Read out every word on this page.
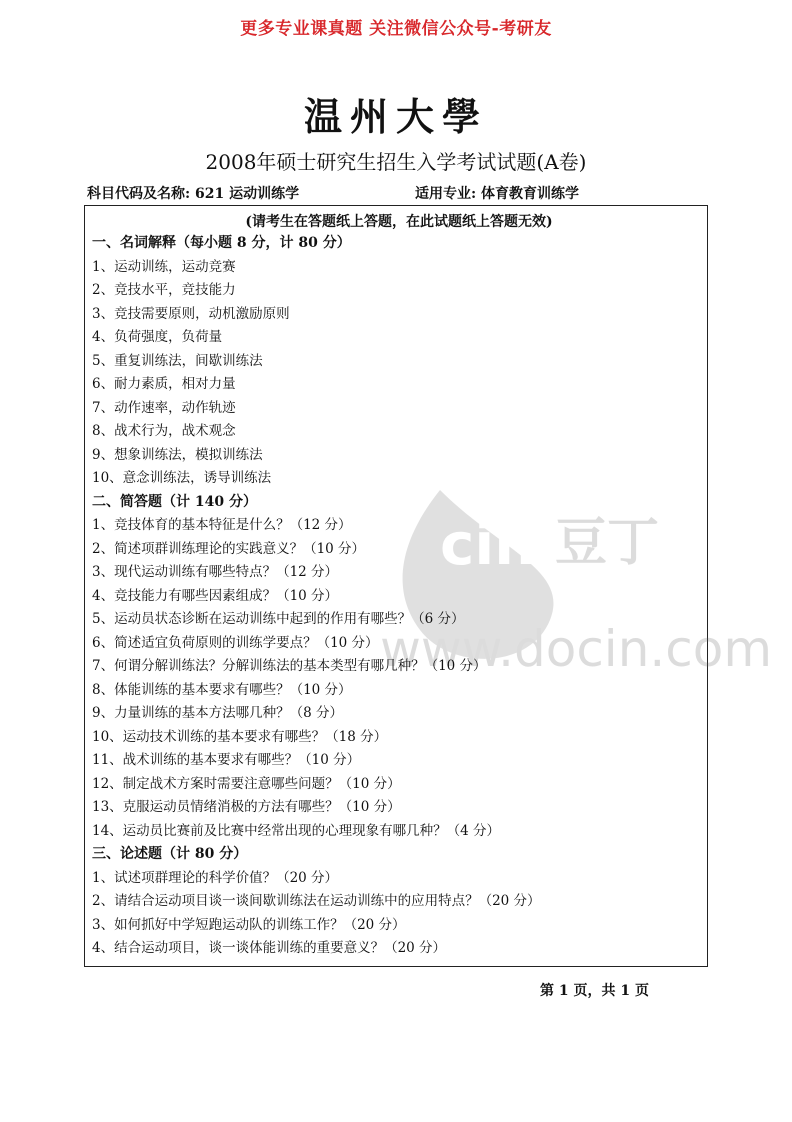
更多专业课真题 关注微信公众号-考研友
温州大學
2008年硕士研究生招生入学考试试题(A卷)
科目代码及名称: 621 运动训练学	适用专业: 体育教育训练学
cin 豆丁
www.docin.com
(请考生在答题纸上答题，在此试题纸上答题无效)
一、名词解释（每小题 8 分，计 80 分）
1、运动训练，运动竞赛
2、竞技水平，竞技能力
3、竞技需要原则，动机激励原则
4、负荷强度，负荷量
5、重复训练法，间歇训练法
6、耐力素质，相对力量
7、动作速率，动作轨迹
8、战术行为，战术观念
9、想象训练法，模拟训练法
10、意念训练法，诱导训练法
二、简答题（计 140 分）
1、竞技体育的基本特征是什么？（12 分）
2、简述项群训练理论的实践意义？（10 分）
3、现代运动训练有哪些特点？（12 分）
4、竞技能力有哪些因素组成？（10 分）
5、运动员状态诊断在运动训练中起到的作用有哪些？（6 分）
6、简述适宜负荷原则的训练学要点？（10 分）
7、何谓分解训练法？分解训练法的基本类型有哪几种？（10 分）
8、体能训练的基本要求有哪些？（10 分）
9、力量训练的基本方法哪几种？（8 分）
10、运动技术训练的基本要求有哪些？（18 分）
11、战术训练的基本要求有哪些？（10 分）
12、制定战术方案时需要注意哪些问题？（10 分）
13、克服运动员情绪消极的方法有哪些？（10 分）
14、运动员比赛前及比赛中经常出现的心理现象有哪几种？（4 分）
三、论述题（计 80 分）
1、试述项群理论的科学价值？（20 分）
2、请结合运动项目谈一谈间歇训练法在运动训练中的应用特点？（20 分）
3、如何抓好中学短跑运动队的训练工作？（20 分）
4、结合运动项目，谈一谈体能训练的重要意义？（20 分）
第 1 页，共 1 页
